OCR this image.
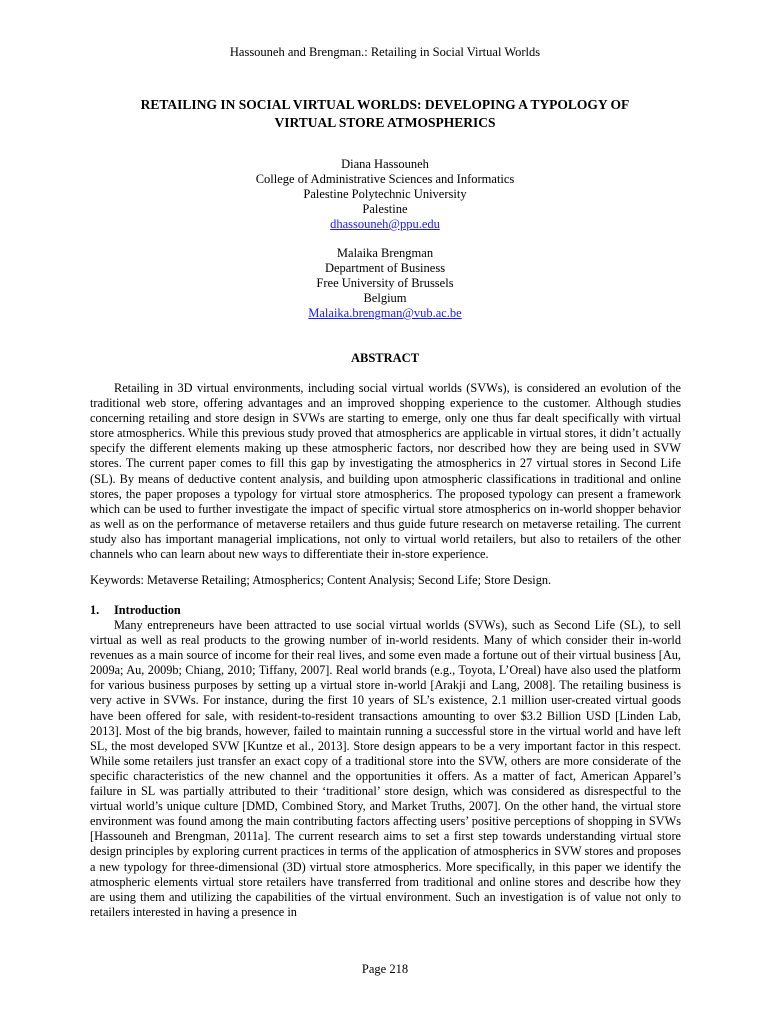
Hassouneh and Brengman.: Retailing in Social Virtual Worlds
RETAILING IN SOCIAL VIRTUAL WORLDS: DEVELOPING A TYPOLOGY OF VIRTUAL STORE ATMOSPHERICS
Diana Hassouneh
College of Administrative Sciences and Informatics
Palestine Polytechnic University
Palestine
dhassouneh@ppu.edu
Malaika Brengman
Department of Business
Free University of Brussels
Belgium
Malaika.brengman@vub.ac.be
ABSTRACT

Retailing in 3D virtual environments, including social virtual worlds (SVWs), is considered an evolution of the traditional web store, offering advantages and an improved shopping experience to the customer. Although studies concerning retailing and store design in SVWs are starting to emerge, only one thus far dealt specifically with virtual store atmospherics. While this previous study proved that atmospherics are applicable in virtual stores, it didn’t actually specify the different elements making up these atmospheric factors, nor described how they are being used in SVW stores. The current paper comes to fill this gap by investigating the atmospherics in 27 virtual stores in Second Life (SL). By means of deductive content analysis, and building upon atmospheric classifications in traditional and online stores, the paper proposes a typology for virtual store atmospherics. The proposed typology can present a framework which can be used to further investigate the impact of specific virtual store atmospherics on in-world shopper behavior as well as on the performance of metaverse retailers and thus guide future research on metaverse retailing. The current study also has important managerial implications, not only to virtual world retailers, but also to retailers of the other channels who can learn about new ways to differentiate their in-store experience.

Keywords: Metaverse Retailing; Atmospherics; Content Analysis; Second Life; Store Design.
1. Introduction

Many entrepreneurs have been attracted to use social virtual worlds (SVWs), such as Second Life (SL), to sell virtual as well as real products to the growing number of in-world residents. Many of which consider their in-world revenues as a main source of income for their real lives, and some even made a fortune out of their virtual business [Au, 2009a; Au, 2009b; Chiang, 2010; Tiffany, 2007]. Real world brands (e.g., Toyota, L’Oreal) have also used the platform for various business purposes by setting up a virtual store in-world [Arakji and Lang, 2008]. The retailing business is very active in SVWs. For instance, during the first 10 years of SL’s existence, 2.1 million user-created virtual goods have been offered for sale, with resident-to-resident transactions amounting to over $3.2 Billion USD [Linden Lab, 2013]. Most of the big brands, however, failed to maintain running a successful store in the virtual world and have left SL, the most developed SVW [Kuntze et al., 2013]. Store design appears to be a very important factor in this respect. While some retailers just transfer an exact copy of a traditional store into the SVW, others are more considerate of the specific characteristics of the new channel and the opportunities it offers. As a matter of fact, American Apparel’s failure in SL was partially attributed to their ‘traditional’ store design, which was considered as disrespectful to the virtual world’s unique culture [DMD, Combined Story, and Market Truths, 2007]. On the other hand, the virtual store environment was found among the main contributing factors affecting users’ positive perceptions of shopping in SVWs [Hassouneh and Brengman, 2011a]. The current research aims to set a first step towards understanding virtual store design principles by exploring current practices in terms of the application of atmospherics in SVW stores and proposes a new typology for three-dimensional (3D) virtual store atmospherics. More specifically, in this paper we identify the atmospheric elements virtual store retailers have transferred from traditional and online stores and describe how they are using them and utilizing the capabilities of the virtual environment. Such an investigation is of value not only to retailers interested in having a presence in

Page 218
